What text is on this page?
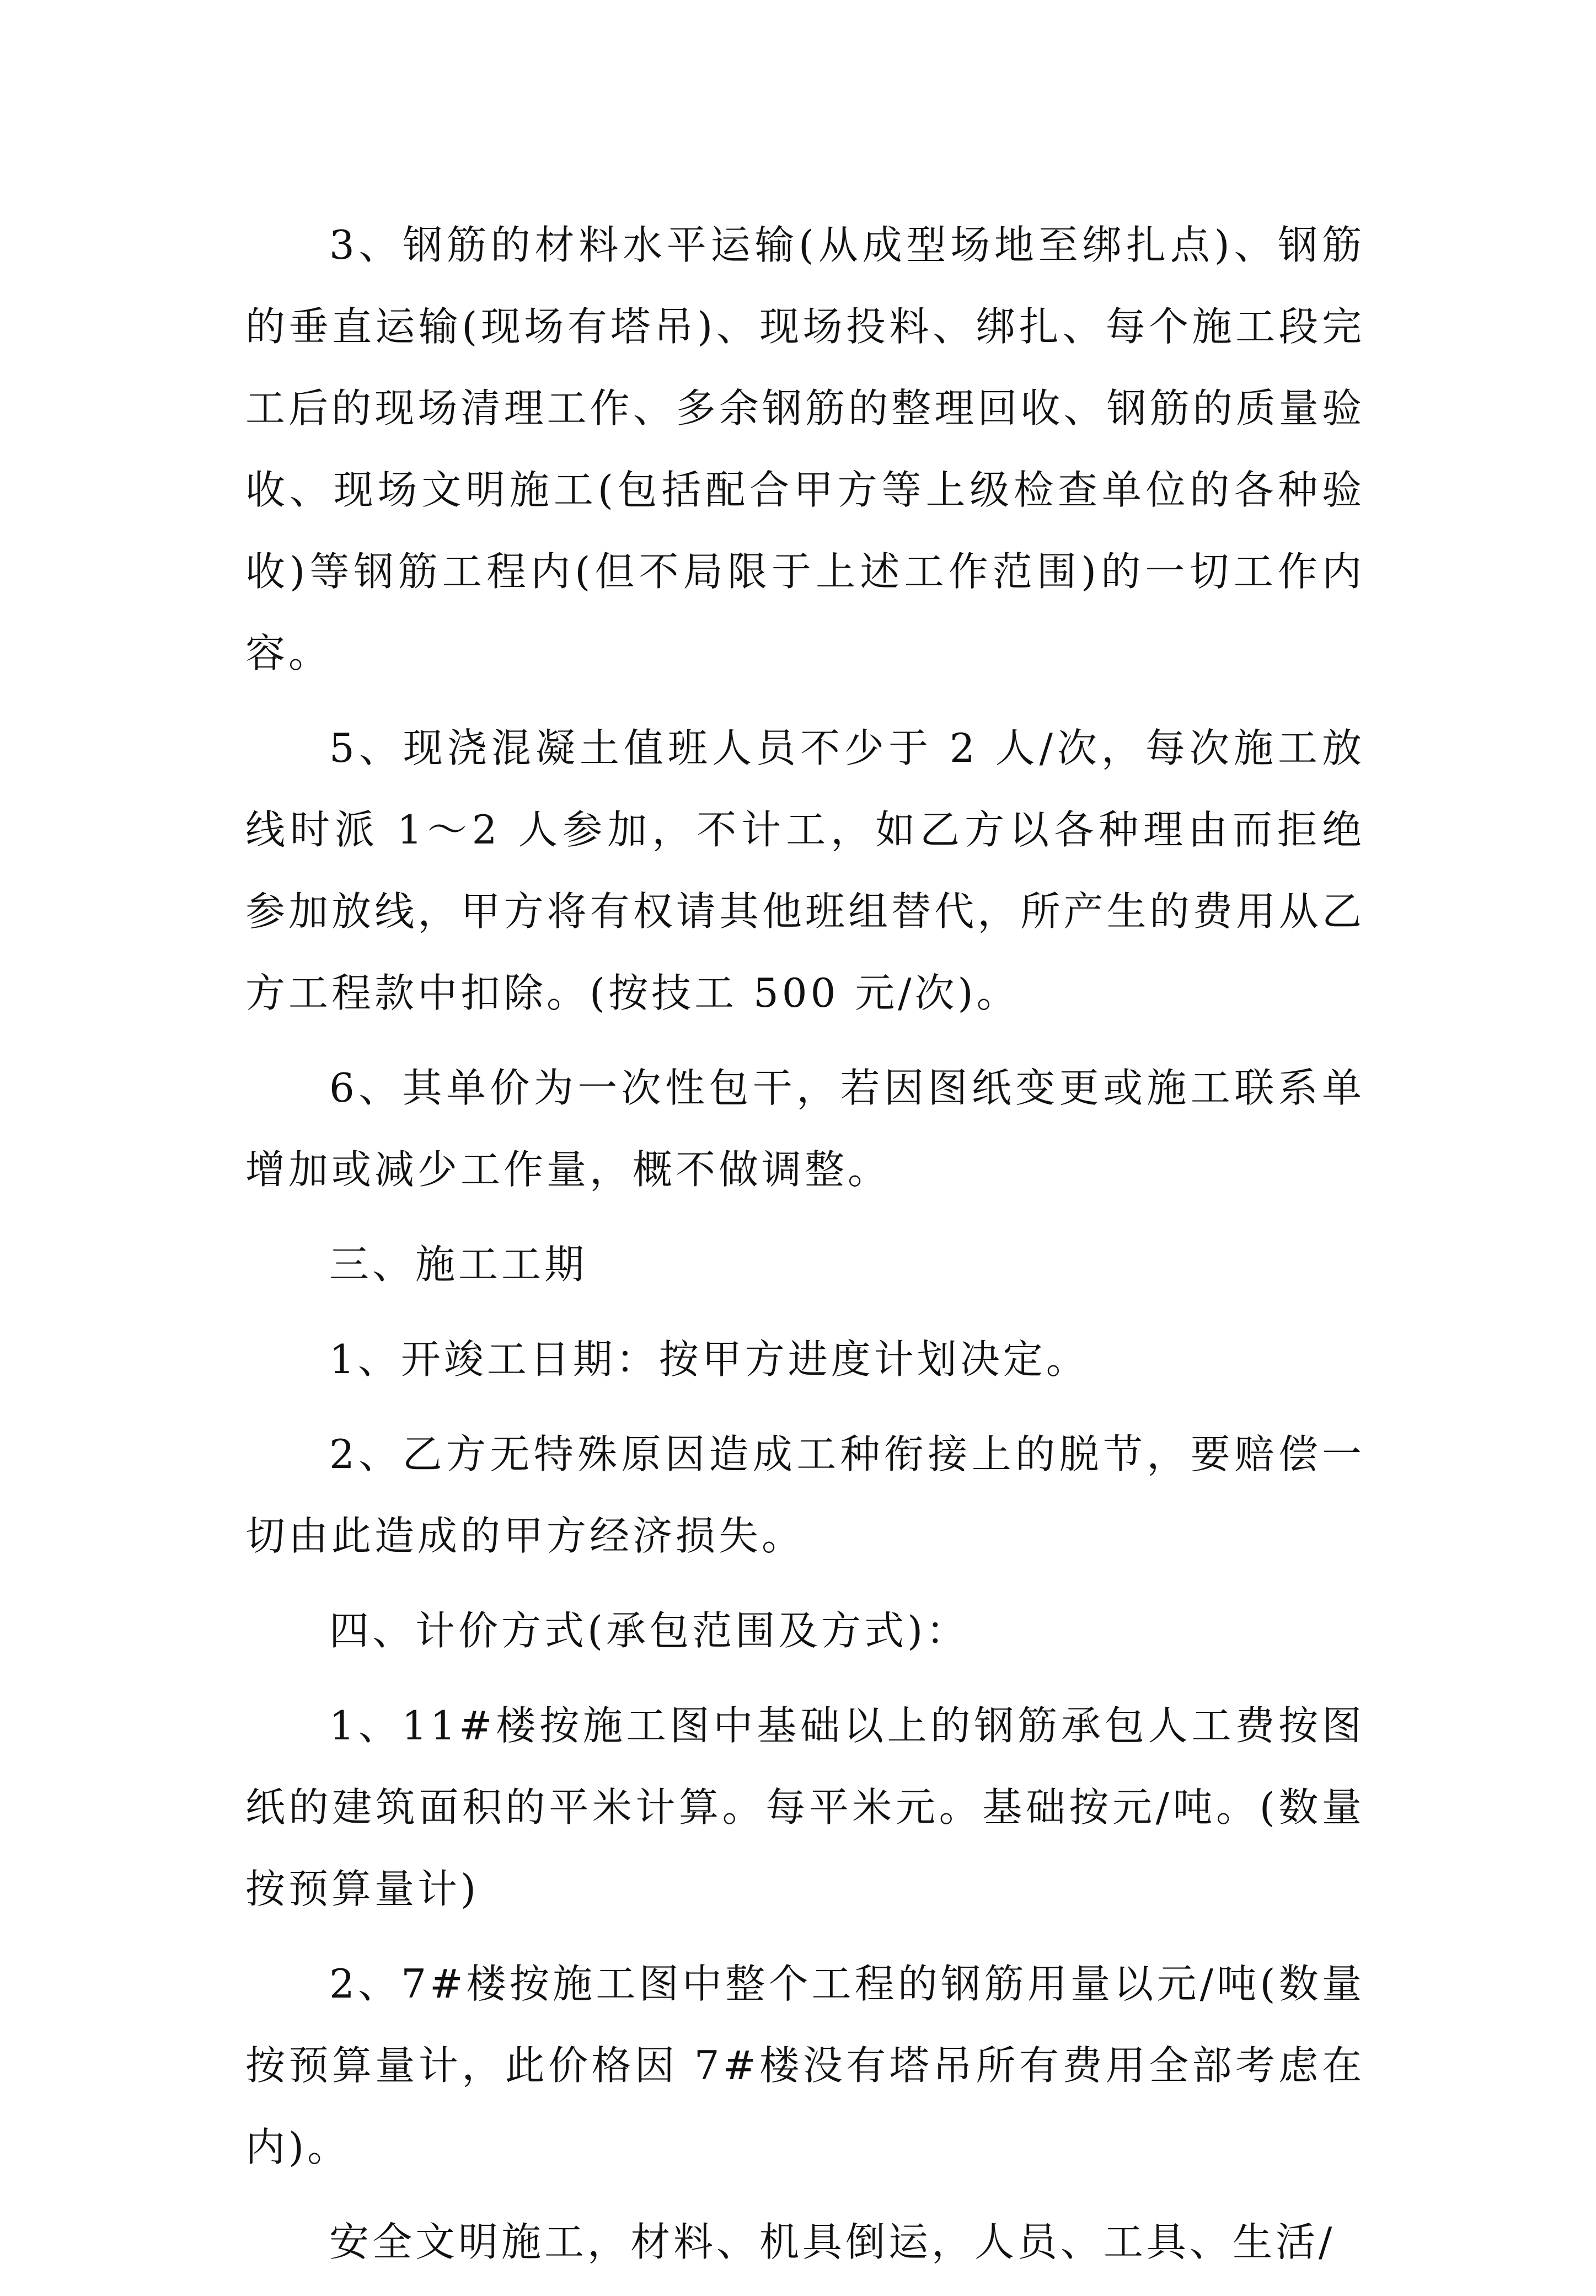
3、钢筋的材料水平运输(从成型场地至绑扎点)、钢筋的垂直运输(现场有塔吊)、现场投料、绑扎、每个施工段完工后的现场清理工作、多余钢筋的整理回收、钢筋的质量验收、现场文明施工(包括配合甲方等上级检查单位的各种验收)等钢筋工程内(但不局限于上述工作范围)的一切工作内容。

5、现浇混凝土值班人员不少于 2 人/次，每次施工放线时派 1～2 人参加，不计工，如乙方以各种理由而拒绝参加放线，甲方将有权请其他班组替代，所产生的费用从乙方工程款中扣除。(按技工 500 元/次)。

6、其单价为一次性包干，若因图纸变更或施工联系单增加或减少工作量，概不做调整。

三、施工工期

1、开竣工日期：按甲方进度计划决定。

2、乙方无特殊原因造成工种衔接上的脱节，要赔偿一切由此造成的甲方经济损失。

四、计价方式(承包范围及方式)：

1、11#楼按施工图中基础以上的钢筋承包人工费按图纸的建筑面积的平米计算。每平米元。基础按元/吨。(数量按预算量计)

2、7#楼按施工图中整个工程的钢筋用量以元/吨(数量按预算量计，此价格因 7#楼没有塔吊所有费用全部考虑在内)。

安全文明施工，材料、机具倒运，人员、工具、生活/
